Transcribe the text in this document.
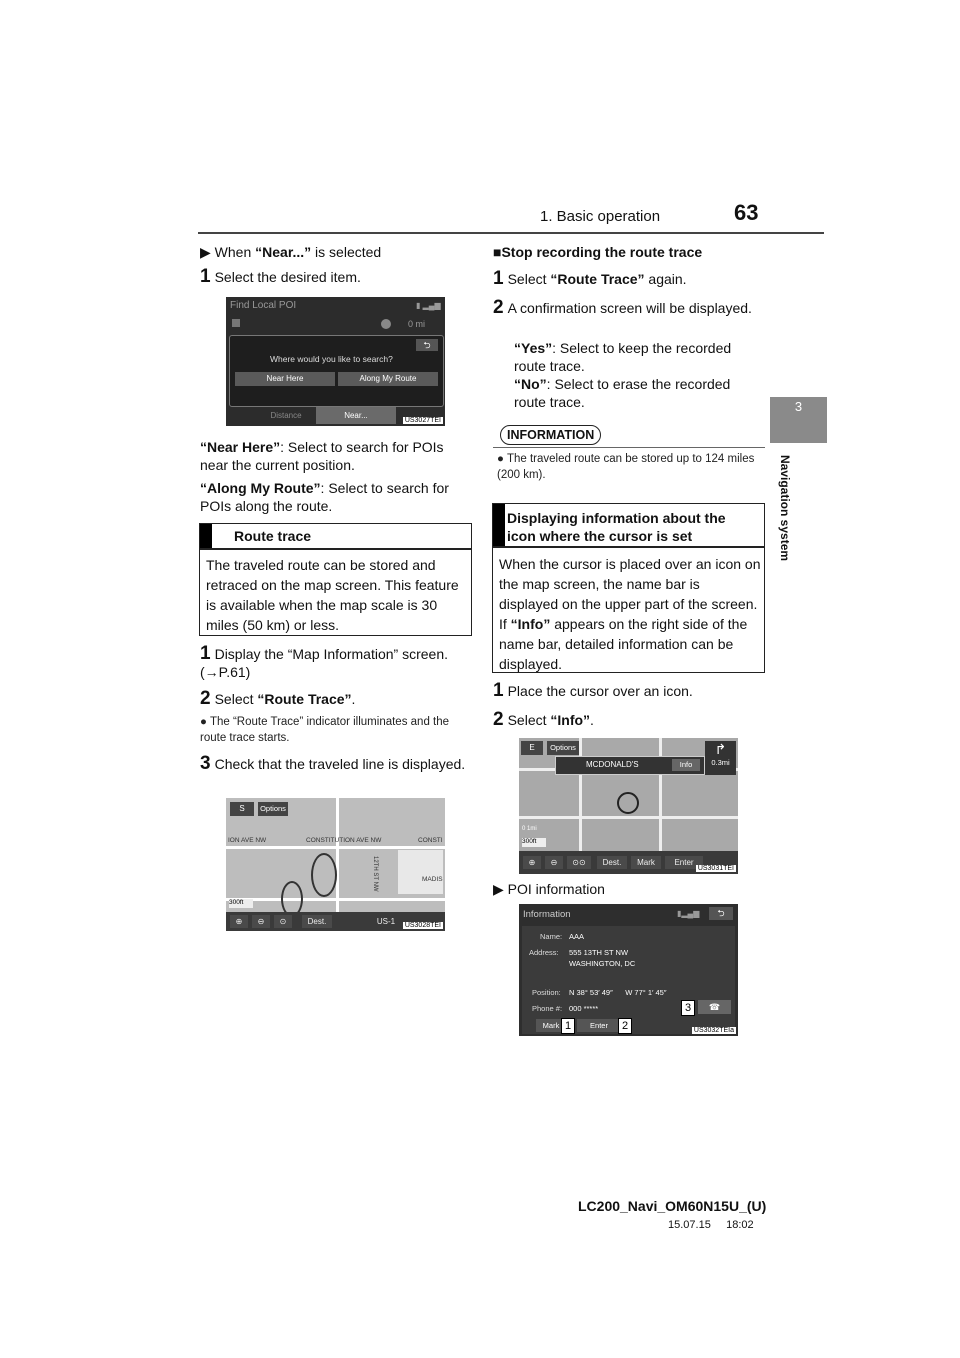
1. Basic operation	63
3
Navigation system
▶ When “Near...” is selected
1 Select the desired item.
Find Local POI	▮ ▂▄▆
0 mi
Where would you like to search?
⮌
Near Here	Along My Route
Distance	Near...
US3027TEI
“Near Here”: Select to search for POIs near the current position.
“Along My Route”: Select to search for POIs along the route.
Route trace
The traveled route can be stored and retraced on the map screen. This feature is available when the map scale is 30 miles (50 km) or less.
1 Display the “Map Information” screen. (→P.61)
2 Select “Route Trace”.
● The “Route Trace” indicator illuminates and the route trace starts.
3 Check that the traveled line is displayed.
S	Options
ION AVE NW	CONSTITUTION AVE NW	CONSTI
MADIS
12TH ST NW
300ft
⊕	⊖	⊙	Dest.	US-1	US3028TEI
■Stop recording the route trace
1 Select “Route Trace” again.
2 A confirmation screen will be displayed.
“Yes”: Select to keep the recorded route trace.
“No”: Select to erase the recorded route trace.
INFORMATION
● The traveled route can be stored up to 124 miles (200 km).
Displaying information about the icon where the cursor is set
When the cursor is placed over an icon on the map screen, the name bar is displayed on the upper part of the screen. If “Info” appears on the right side of the name bar, detailed information can be displayed.
1 Place the cursor over an icon.
2 Select “Info”.
E	Options
MCDONALD'S	Info
↱
0.3mi
0 1mi
300ft
⊕	⊖	⊙⊙	Dest.	Mark	Enter
US3031TEI
▶ POI information
Information	▮▂▄▆	⮌
Name: AAA
Address: 555 13TH ST NW
WASHINGTON, DC
Position: N 38° 53′ 49″      W 77° 1′ 45″
Phone #: 000 *****	☎
Mark	Enter
1	2
3
US3032TEIa
LC200_Navi_OM60N15U_(U)
15.07.15     18:02
